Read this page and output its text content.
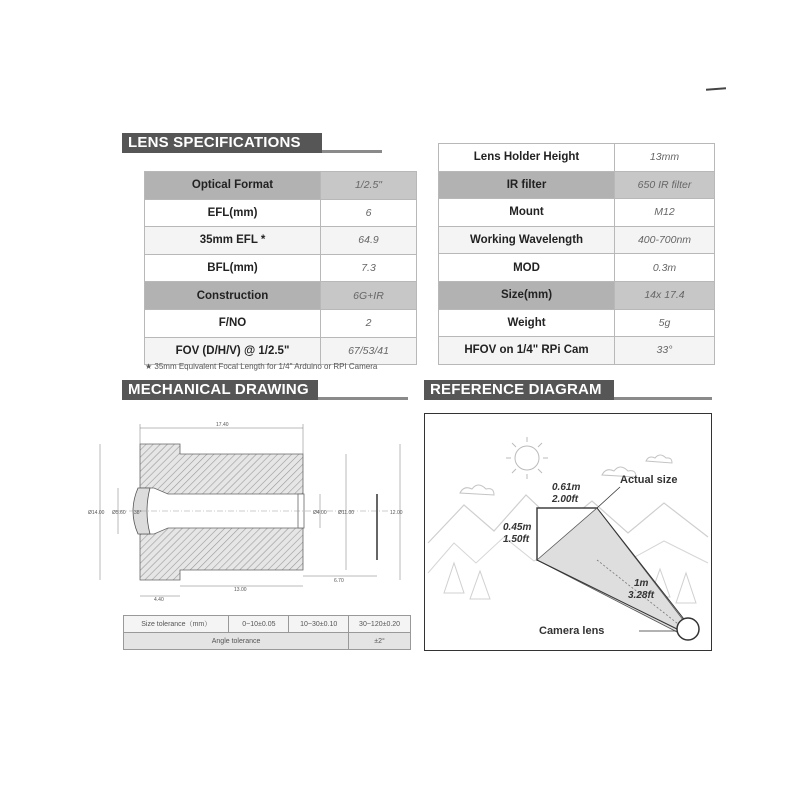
LENS SPECIFICATIONS
MECHANICAL DRAWING	REFERENCE DIAGRAM
Optical Format	1/2.5"
EFL(mm)	6
35mm EFL *	64.9
BFL(mm)	7.3
Construction	6G+IR
F/NO	2
FOV (D/H/V) @ 1/2.5"	67/53/41
Lens Holder Height	13mm
IR filter	650 IR filter
Mount	M12
Working Wavelength	400-700nm
MOD	0.3m
Size(mm)	14x 17.4
Weight	5g
HFOV on 1/4" RPi Cam	33°
★ 35mm Equivalent Focal Length for 1/4" Arduino or RPI Camera
17.40
Ø14.00 Ø5.60 38°	Ø4.00 Ø11.00	12.00
13.00
4.40
6.70
Size tolerance（mm）	0~10±0.05	10~30±0.10	30~120±0.20
Angle tolerance			±2°
Actual size
0.61m
2.00ft
0.45m
1.50ft
1m
3.28ft
Camera lens
